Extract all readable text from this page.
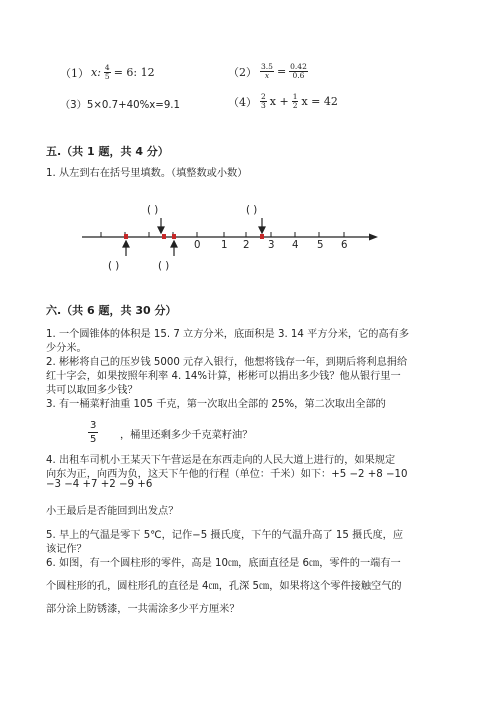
（1） x: $\frac{4}{5} = 6$: 12	$(2) \frac{3.5}{x} = \frac{0.42}{0.6}$
（3）5×0.7+40%x=9.1	$(4) \frac{2}{3}$ $x + \frac{1}{2}$ x = 42
五.（共 1 题，共 4 分）
1. 从左到右在括号里填数。（填整数或小数）
( )	( )
( )	( )
0 1 2 3 4 5 6
六.（共 6 题，共 30 分）
1. 一个圆锥体的体积是 15. 7 立方分米，底面积是 3. 14 平方分米，它的高有多
少分米。
2. 彬彬将自己的压岁钱 5000 元存入银行，他想将钱存一年，到期后将利息捐给
红十字会，如果按照年利率 4. 14%计算，彬彬可以捐出多少钱？他从银行里一
共可以取回多少钱？
3. 有一桶菜籽油重 105 千克，第一次取出全部的 25%，第二次取出全部的
$\frac{3}{5}$ ，桶里还剩多少千克菜籽油？
4. 出租车司机小王某天下午营运是在东西走向的人民大道上进行的，如果规定
向东为正，向西为负，这天下午他的行程（单位：千米）如下：+5 −2 +8 −10
−3 −4 +7 +2 −9 +6
小王最后是否能回到出发点？
5. 早上的气温是零下 5℃，记作−5 摄氏度，下午的气温升高了 15 摄氏度，应
该记作？
6. 如图，有一个圆柱形的零件，高是 10㎝，底面直径是 6㎝，零件的一端有一
个圆柱形的孔，圆柱形孔的直径是 4㎝，孔深 5㎝，如果将这个零件接触空气的
部分涂上防锈漆，一共需涂多少平方厘米？
